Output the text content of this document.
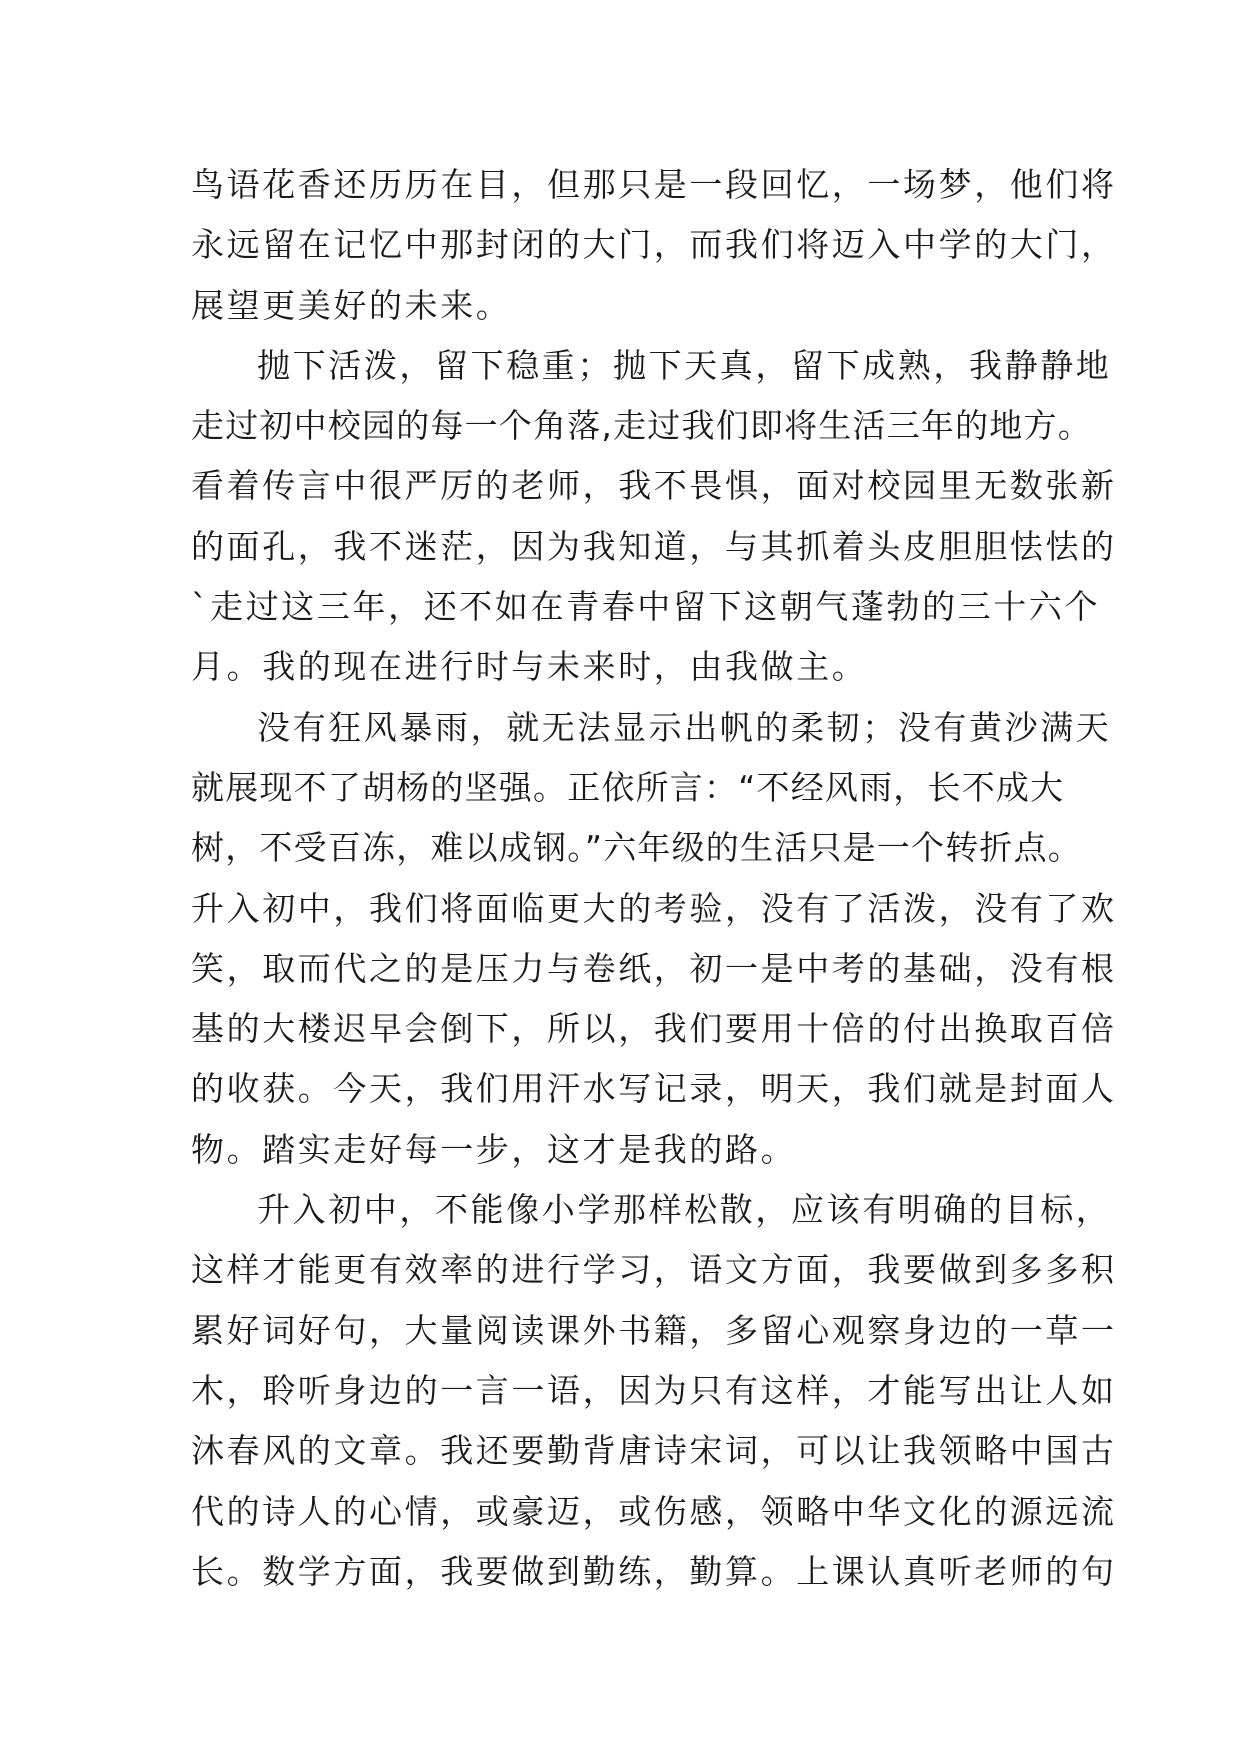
鸟语花香还历历在目，但那只是一段回忆，一场梦，他们将
永远留在记忆中那封闭的大门，而我们将迈入中学的大门，
展望更美好的未来。
抛下活泼，留下稳重；抛下天真，留下成熟，我静静地
走过初中校园的每一个角落,走过我们即将生活三年的地方。
看着传言中很严厉的老师，我不畏惧，面对校园里无数张新
的面孔，我不迷茫，因为我知道，与其抓着头皮胆胆怯怯的
`走过这三年，还不如在青春中留下这朝气蓬勃的三十六个
月。我的现在进行时与未来时，由我做主。
没有狂风暴雨，就无法显示出帆的柔韧；没有黄沙满天
就展现不了胡杨的坚强。正依所言：“不经风雨，长不成大
树，不受百冻，难以成钢。”六年级的生活只是一个转折点。
升入初中，我们将面临更大的考验，没有了活泼，没有了欢
笑，取而代之的是压力与卷纸，初一是中考的基础，没有根
基的大楼迟早会倒下，所以，我们要用十倍的付出换取百倍
的收获。今天，我们用汗水写记录，明天，我们就是封面人
物。踏实走好每一步，这才是我的路。
升入初中，不能像小学那样松散，应该有明确的目标，
这样才能更有效率的进行学习，语文方面，我要做到多多积
累好词好句，大量阅读课外书籍，多留心观察身边的一草一
木，聆听身边的一言一语，因为只有这样，才能写出让人如
沐春风的文章。我还要勤背唐诗宋词，可以让我领略中国古
代的诗人的心情，或豪迈，或伤感，领略中华文化的源远流
长。数学方面，我要做到勤练，勤算。上课认真听老师的句
